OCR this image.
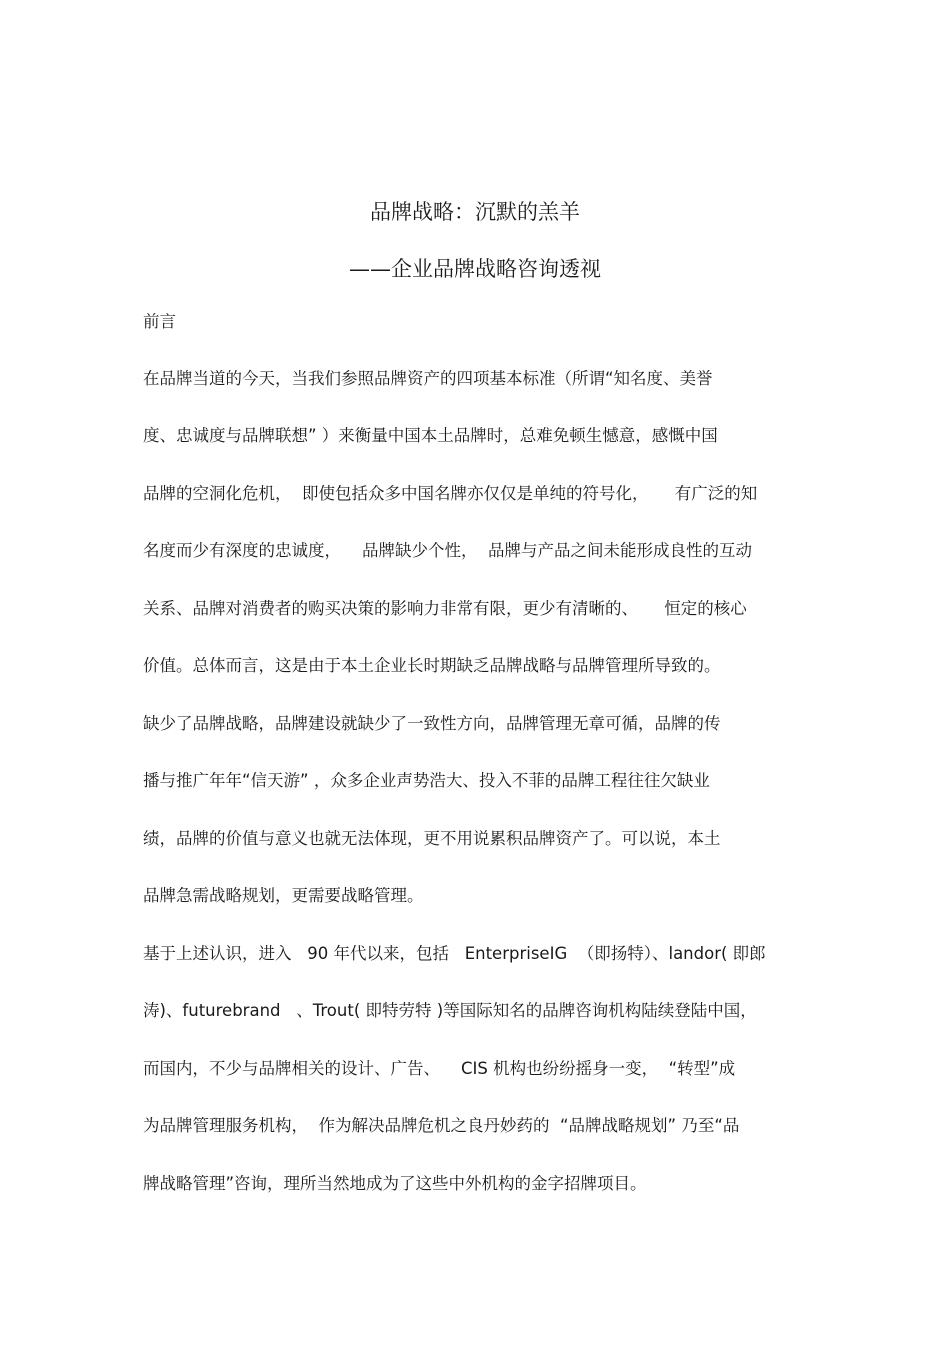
品牌战略：沉默的羔羊
——企业品牌战略咨询透视
前言
在品牌当道的今天，当我们参照品牌资产的四项基本标准（所谓“知名度、美誉
度、忠诚度与品牌联想” ）来衡量中国本土品牌时，总难免顿生憾意，感慨中国
品牌的空洞化危机，  即使包括众多中国名牌亦仅仅是单纯的符号化，     有广泛的知
名度而少有深度的忠诚度，    品牌缺少个性，  品牌与产品之间未能形成良性的互动
关系、品牌对消费者的购买决策的影响力非常有限，更少有清晰的、     恒定的核心
价值。总体而言，这是由于本土企业长时期缺乏品牌战略与品牌管理所导致的。
缺少了品牌战略，品牌建设就缺少了一致性方向，品牌管理无章可循，品牌的传
播与推广年年“信天游” ，众多企业声势浩大、投入不菲的品牌工程往往欠缺业
绩，品牌的价值与意义也就无法体现，更不用说累积品牌资产了。可以说，本土
品牌急需战略规划，更需要战略管理。
基于上述认识，进入   90 年代以来，包括   EnterpriseIG  （即扬特）、landor( 即郎
涛)、futurebrand   、Trout( 即特劳特 )等国际知名的品牌咨询机构陆续登陆中国，
而国内，不少与品牌相关的设计、广告、    CIS 机构也纷纷摇身一变，  “转型”成
为品牌管理服务机构，  作为解决品牌危机之良丹妙药的  “品牌战略规划” 乃至“品
牌战略管理”咨询，理所当然地成为了这些中外机构的金字招牌项目。
